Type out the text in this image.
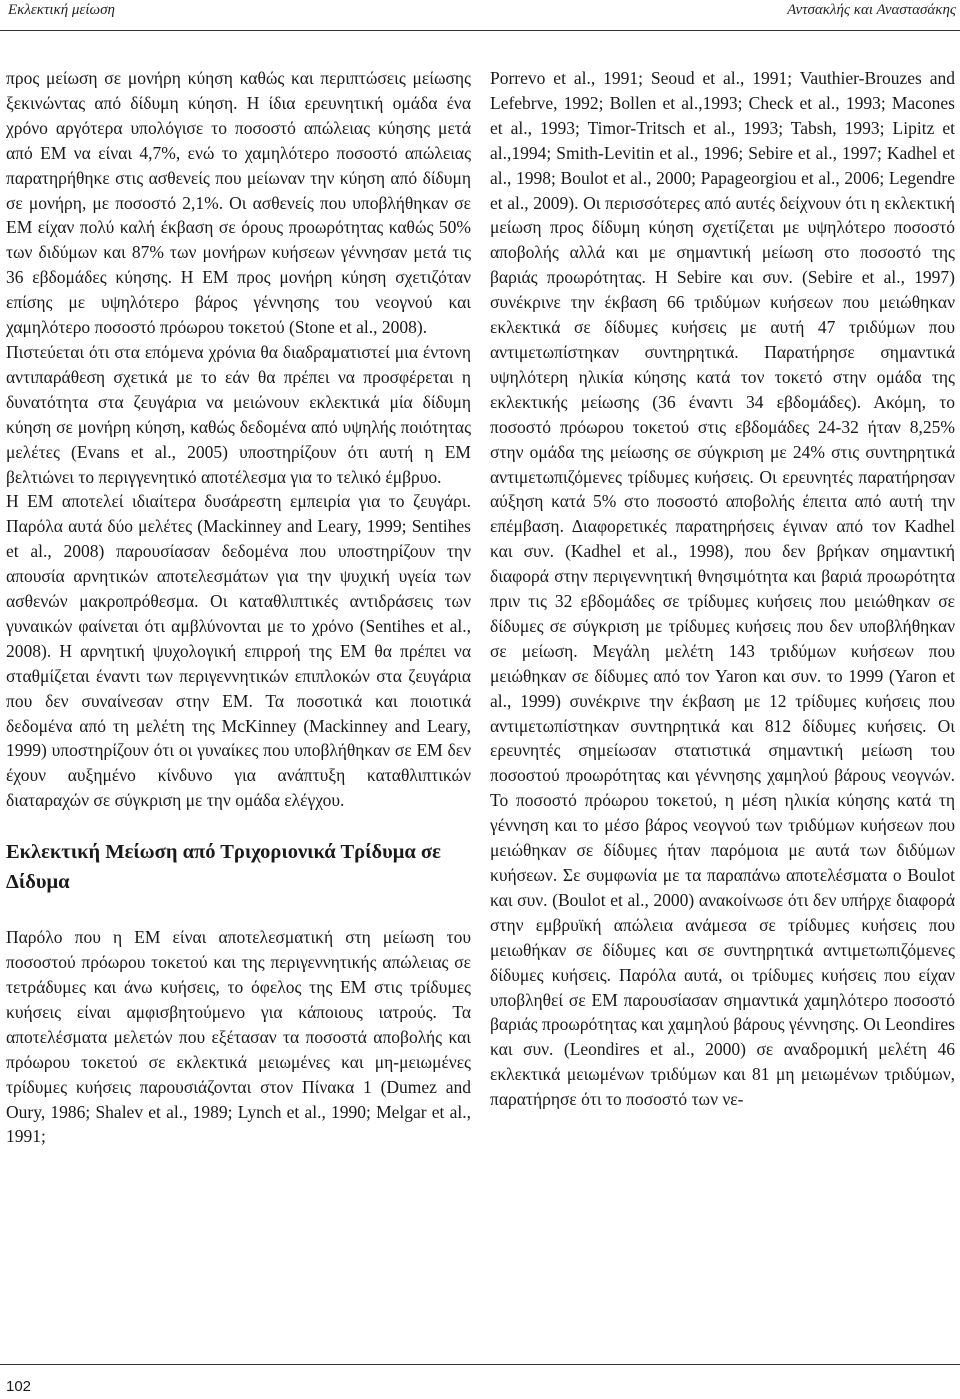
Εκλεκτική μείωση	Αντσακλής και Αναστασάκης

προς μείωση σε μονήρη κύηση καθώς και περιπτώσεις μείωσης ξεκινώντας από δίδυμη κύηση. Η ίδια ερευνητική ομάδα ένα χρόνο αργότερα υπολόγισε το ποσοστό απώλειας κύησης μετά από ΕΜ να είναι 4,7%, ενώ το χαμηλότερο ποσοστό απώλειας παρατηρήθηκε στις ασθενείς που μείωναν την κύηση από δίδυμη σε μονήρη, με ποσοστό 2,1%. Οι ασθενείς που υποβλήθηκαν σε ΕΜ είχαν πολύ καλή έκβαση σε όρους προωρότητας καθώς 50% των διδύμων και 87% των μονήρων κυήσεων γέννησαν μετά τις 36 εβδομάδες κύησης. Η ΕΜ προς μονήρη κύηση σχετιζόταν επίσης με υψηλότερο βάρος γέννησης του νεογνού και χαμηλότερο ποσοστό πρόωρου τοκετού (Stone et al., 2008).

Πιστεύεται ότι στα επόμενα χρόνια θα διαδραματιστεί μια έντονη αντιπαράθεση σχετικά με το εάν θα πρέπει να προσφέρεται η δυνατότητα στα ζευγάρια να μειώνουν εκλεκτικά μία δίδυμη κύηση σε μονήρη κύηση, καθώς δεδομένα από υψηλής ποιότητας μελέτες (Evans et al., 2005) υποστηρίζουν ότι αυτή η ΕΜ βελτιώνει το περιγγενητικό αποτέλεσμα για το τελικό έμβρυο.

Η ΕΜ αποτελεί ιδιαίτερα δυσάρεστη εμπειρία για το ζευγάρι. Παρόλα αυτά δύο μελέτες (Mackinney and Leary, 1999; Sentihes et al., 2008) παρουσίασαν δεδομένα που υποστηρίζουν την απουσία αρνητικών αποτελεσμάτων για την ψυχική υγεία των ασθενών μακροπρόθεσμα. Οι καταθλιπτικές αντιδράσεις των γυναικών φαίνεται ότι αμβλύνονται με το χρόνο (Sentihes et al., 2008). Η αρνητική ψυχολογική επιρροή της ΕΜ θα πρέπει να σταθμίζεται έναντι των περιγεννητικών επιπλοκών στα ζευγάρια που δεν συναίνεσαν στην ΕΜ. Τα ποσοτικά και ποιοτικά δεδομένα από τη μελέτη της McKinney (Mackinney and Leary, 1999) υποστηρίζουν ότι οι γυναίκες που υποβλήθηκαν σε ΕΜ δεν έχουν αυξημένο κίνδυνο για ανάπτυξη καταθλιπτικών διαταραχών σε σύγκριση με την ομάδα ελέγχου.

Εκλεκτική Μείωση από Τριχοριονικά Τρίδυμα σε Δίδυμα

Παρόλο που η ΕΜ είναι αποτελεσματική στη μείωση του ποσοστού πρόωρου τοκετού και της περιγεννητικής απώλειας σε τετράδυμες και άνω κυήσεις, το όφελος της ΕΜ στις τρίδυμες κυήσεις είναι αμφισβητούμενο για κάποιους ιατρούς. Τα αποτελέσματα μελετών που εξέτασαν τα ποσοστά αποβολής και πρόωρου τοκετού σε εκλεκτικά μειωμένες και μη-μειωμένες τρίδυμες κυήσεις παρουσιάζονται στον Πίνακα 1 (Dumez and Oury, 1986; Shalev et al., 1989; Lynch et al., 1990; Melgar et al., 1991;

Porrevo et al., 1991; Seoud et al., 1991; Vauthier-Brouzes and Lefebrve, 1992; Bollen et al.,1993; Check et al., 1993; Macones et al., 1993; Timor-Tritsch et al., 1993; Tabsh, 1993; Lipitz et al.,1994; Smith-Levitin et al., 1996; Sebire et al., 1997; Kadhel et al., 1998; Boulot et al., 2000; Papageorgiou et al., 2006; Legendre et al., 2009). Οι περισσότερες από αυτές δείχνουν ότι η εκλεκτική μείωση προς δίδυμη κύηση σχετίζεται με υψηλότερο ποσοστό αποβολής αλλά και με σημαντική μείωση στο ποσοστό της βαριάς προωρότητας. Η Sebire και συν. (Sebire et al., 1997) συνέκρινε την έκβαση 66 τριδύμων κυήσεων που μειώθηκαν εκλεκτικά σε δίδυμες κυήσεις με αυτή 47 τριδύμων που αντιμετωπίστηκαν συντηρητικά. Παρατήρησε σημαντικά υψηλότερη ηλικία κύησης κατά τον τοκετό στην ομάδα της εκλεκτικής μείωσης (36 έναντι 34 εβδομάδες). Ακόμη, το ποσοστό πρόωρου τοκετού στις εβδομάδες 24-32 ήταν 8,25% στην ομάδα της μείωσης σε σύγκριση με 24% στις συντηρητικά αντιμετωπιζόμενες τρίδυμες κυήσεις. Οι ερευνητές παρατήρησαν αύξηση κατά 5% στο ποσοστό αποβολής έπειτα από αυτή την επέμβαση. Διαφορετικές παρατηρήσεις έγιναν από τον Kadhel και συν. (Kadhel et al., 1998), που δεν βρήκαν σημαντική διαφορά στην περιγεννητική θνησιμότητα και βαριά προωρότητα πριν τις 32 εβδομάδες σε τρίδυμες κυήσεις που μειώθηκαν σε δίδυμες σε σύγκριση με τρίδυμες κυήσεις που δεν υποβλήθηκαν σε μείωση. Μεγάλη μελέτη 143 τριδύμων κυήσεων που μειώθηκαν σε δίδυμες από τον Yaron και συν. το 1999 (Yaron et al., 1999) συνέκρινε την έκβαση με 12 τρίδυμες κυήσεις που αντιμετωπίστηκαν συντηρητικά και 812 δίδυμες κυήσεις. Οι ερευνητές σημείωσαν στατιστικά σημαντική μείωση του ποσοστού προωρότητας και γέννησης χαμηλού βάρους νεογνών. Το ποσοστό πρόωρου τοκετού, η μέση ηλικία κύησης κατά τη γέννηση και το μέσο βάρος νεογνού των τριδύμων κυήσεων που μειώθηκαν σε δίδυμες ήταν παρόμοια με αυτά των διδύμων κυήσεων. Σε συμφωνία με τα παραπάνω αποτελέσματα ο Boulot και συν. (Boulot et al., 2000) ανακοίνωσε ότι δεν υπήρχε διαφορά στην εμβρυϊκή απώλεια ανάμεσα σε τρίδυμες κυήσεις που μειωθήκαν σε δίδυμες και σε συντηρητικά αντιμετωπιζόμενες δίδυμες κυήσεις. Παρόλα αυτά, οι τρίδυμες κυήσεις που είχαν υποβληθεί σε ΕΜ παρουσίασαν σημαντικά χαμηλότερο ποσοστό βαριάς προωρότητας και χαμηλού βάρους γέννησης. Οι Leondires και συν. (Leondires et al., 2000) σε αναδρομική μελέτη 46 εκλεκτικά μειωμένων τριδύμων και 81 μη μειωμένων τριδύμων, παρατήρησε ότι το ποσοστό των νε-

102
